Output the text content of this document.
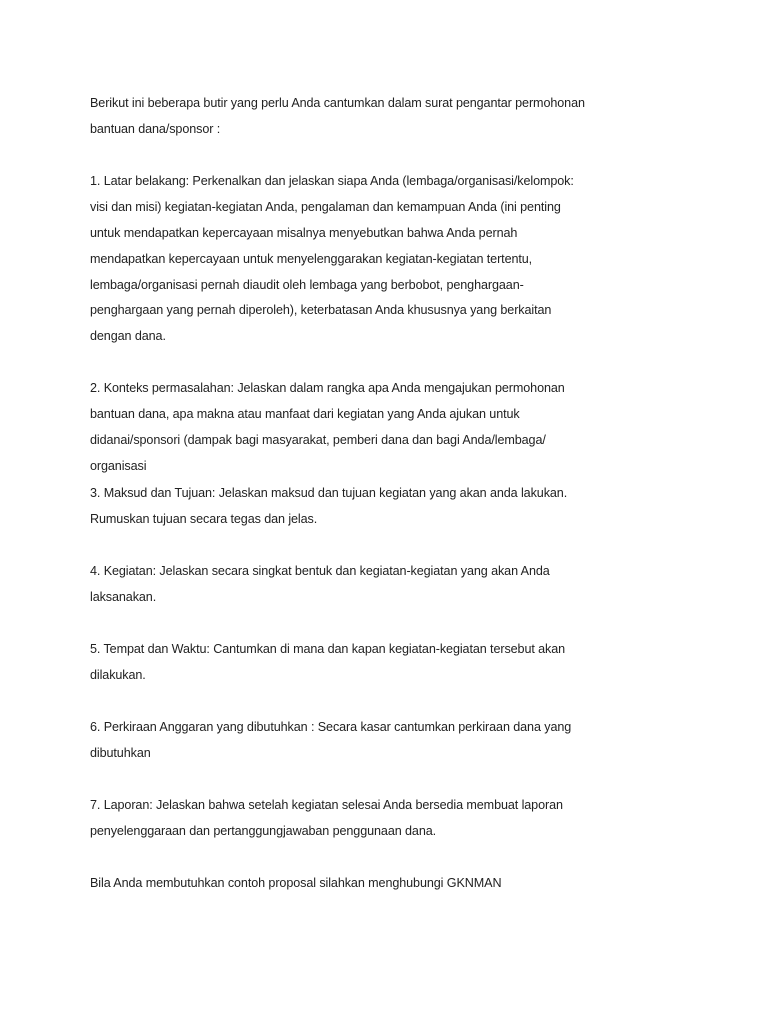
Berikut ini beberapa butir yang perlu Anda cantumkan dalam surat pengantar permohonan
bantuan dana/sponsor :
1. Latar belakang: Perkenalkan dan jelaskan siapa Anda (lembaga/organisasi/kelompok:
visi dan misi) kegiatan-kegiatan Anda, pengalaman dan kemampuan Anda (ini penting
untuk mendapatkan kepercayaan misalnya menyebutkan bahwa Anda pernah
mendapatkan kepercayaan untuk menyelenggarakan kegiatan-kegiatan tertentu,
lembaga/organisasi pernah diaudit oleh lembaga yang berbobot, penghargaan-
penghargaan yang pernah diperoleh), keterbatasan Anda khususnya yang berkaitan
dengan dana.
2. Konteks permasalahan: Jelaskan dalam rangka apa Anda mengajukan permohonan
bantuan dana, apa makna atau manfaat dari kegiatan yang Anda ajukan untuk
didanai/sponsori (dampak bagi masyarakat, pemberi dana dan bagi Anda/lembaga/
organisasi
3. Maksud dan Tujuan: Jelaskan maksud dan tujuan kegiatan yang akan anda lakukan.
Rumuskan tujuan secara tegas dan jelas.
4. Kegiatan: Jelaskan secara singkat bentuk dan kegiatan-kegiatan yang akan Anda
laksanakan.
5. Tempat dan Waktu: Cantumkan di mana dan kapan kegiatan-kegiatan tersebut akan
dilakukan.
6. Perkiraan Anggaran yang dibutuhkan : Secara kasar cantumkan perkiraan dana yang
dibutuhkan
7. Laporan: Jelaskan bahwa setelah kegiatan selesai Anda bersedia membuat laporan
penyelenggaraan dan pertanggungjawaban penggunaan dana.
Bila Anda membutuhkan contoh proposal silahkan menghubungi GKNMAN
